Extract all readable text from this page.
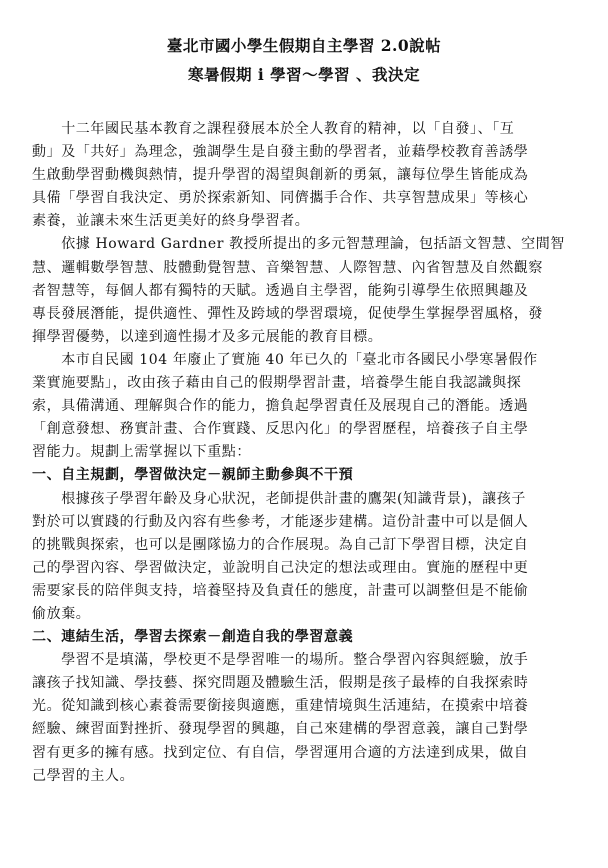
臺北市國小學生假期自主學習 2.0說帖
寒暑假期 i 學習～學習 、我決定
　　十二年國民基本教育之課程發展本於全人教育的精神，以「自發」、「互
動」及「共好」為理念，強調學生是自發主動的學習者，並藉學校教育善誘學
生啟動學習動機與熱情，提升學習的渴望與創新的勇氣，讓每位學生皆能成為
具備「學習自我決定、勇於探索新知、同儕攜手合作、共享智慧成果」等核心
素養，並讓未來生活更美好的終身學習者。
　　依據 Howard Gardner 教授所提出的多元智慧理論，包括語文智慧、空間智
慧、邏輯數學智慧、肢體動覺智慧、音樂智慧、人際智慧、內省智慧及自然觀察
者智慧等，每個人都有獨特的天賦。透過自主學習，能夠引導學生依照興趣及
專長發展潛能，提供適性、彈性及跨域的學習環境，促使學生掌握學習風格，發
揮學習優勢，以達到適性揚才及多元展能的教育目標。
　　本市自民國 104 年廢止了實施 40 年已久的「臺北市各國民小學寒暑假作
業實施要點」，改由孩子藉由自己的假期學習計畫，培養學生能自我認識與探
索，具備溝通、理解與合作的能力，擔負起學習責任及展現自己的潛能。透過
「創意發想、務實計畫、合作實踐、反思內化」的學習歷程，培養孩子自主學
習能力。規劃上需掌握以下重點：
一、自主規劃，學習做決定－親師主動參與不干預
　　根據孩子學習年齡及身心狀況，老師提供計畫的鷹架(知識背景)，讓孩子
對於可以實踐的行動及內容有些參考，才能逐步建構。這份計畫中可以是個人
的挑戰與探索，也可以是團隊協力的合作展現。為自己訂下學習目標，決定自
己的學習內容、學習做決定，並說明自己決定的想法或理由。實施的歷程中更
需要家長的陪伴與支持，培養堅持及負責任的態度，計畫可以調整但是不能偷
偷放棄。
二、連結生活，學習去探索－創造自我的學習意義
　　學習不是填滿，學校更不是學習唯一的場所。整合學習內容與經驗，放手
讓孩子找知識、學技藝、探究問題及體驗生活，假期是孩子最棒的自我探索時
光。從知識到核心素養需要銜接與適應，重建情境與生活連結，在摸索中培養
經驗、練習面對挫折、發現學習的興趣，自己來建構的學習意義，讓自己對學
習有更多的擁有感。找到定位、有自信，學習運用合適的方法達到成果，做自
己學習的主人。
